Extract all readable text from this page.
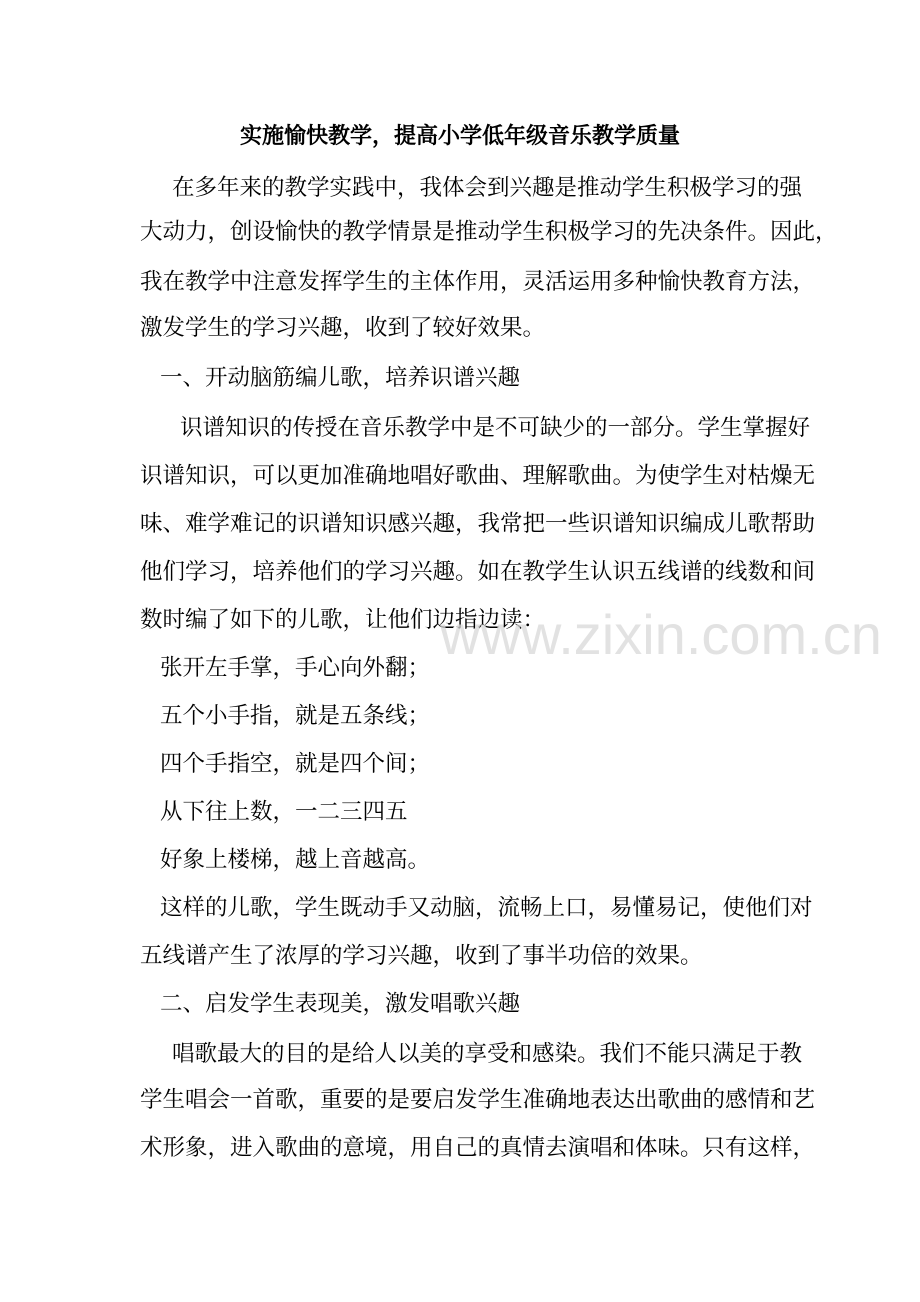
实施愉快教学，提高小学低年级音乐教学质量
在多年来的教学实践中，我体会到兴趣是推动学生积极学习的强
大动力，创设愉快的教学情景是推动学生积极学习的先决条件。因此，
我在教学中注意发挥学生的主体作用，灵活运用多种愉快教育方法，
激发学生的学习兴趣，收到了较好效果。
一、开动脑筋编儿歌，培养识谱兴趣
识谱知识的传授在音乐教学中是不可缺少的一部分。学生掌握好
识谱知识，可以更加准确地唱好歌曲、理解歌曲。为使学生对枯燥无
味、难学难记的识谱知识感兴趣，我常把一些识谱知识编成儿歌帮助
他们学习，培养他们的学习兴趣。如在教学生认识五线谱的线数和间
数时编了如下的儿歌，让他们边指边读：
张开左手掌，手心向外翻；
五个小手指，就是五条线；
四个手指空，就是四个间；
从下往上数，一二三四五
好象上楼梯，越上音越高。
这样的儿歌，学生既动手又动脑，流畅上口，易懂易记，使他们对
五线谱产生了浓厚的学习兴趣，收到了事半功倍的效果。
二、启发学生表现美，激发唱歌兴趣
唱歌最大的目的是给人以美的享受和感染。我们不能只满足于教
学生唱会一首歌，重要的是要启发学生准确地表达出歌曲的感情和艺
术形象，进入歌曲的意境，用自己的真情去演唱和体味。只有这样，
www.zixin.com.cn
